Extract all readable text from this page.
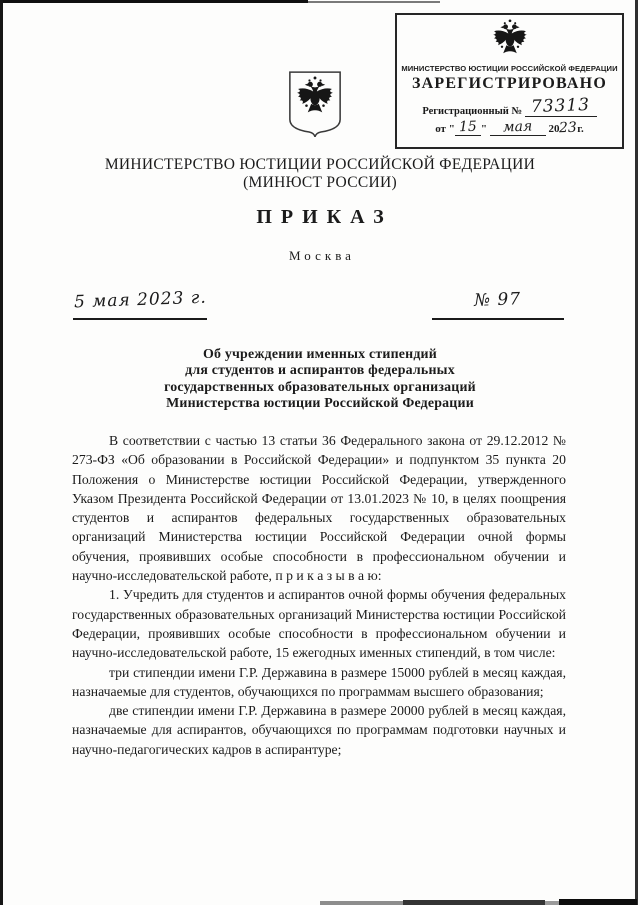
МИНИСТЕРСТВО ЮСТИЦИИ РОССИЙСКОЙ ФЕДЕРАЦИИ
ЗАРЕГИСТРИРОВАНО
Регистрационный № 73313
от " 15 " мая 2023г.
МИНИСТЕРСТВО ЮСТИЦИИ РОССИЙСКОЙ ФЕДЕРАЦИИ
(МИНЮСТ РОССИИ)
ПРИКАЗ
Москва
5 мая 2023 г.	№ 97
Об учреждении именных стипендий
для студентов и аспирантов федеральных
государственных образовательных организаций
Министерства юстиции Российской Федерации

В соответствии с частью 13 статьи 36 Федерального закона от 29.12.2012 № 273-ФЗ «Об образовании в Российской Федерации» и подпунктом 35 пункта 20 Положения о Министерстве юстиции Российской Федерации, утвержденного Указом Президента Российской Федерации от 13.01.2023 № 10, в целях поощрения студентов и аспирантов федеральных государственных образовательных организаций Министерства юстиции Российской Федерации очной формы обучения, проявивших особые способности в профессиональном обучении и научно-исследовательской работе, п р и к а з ы в а ю:

1. Учредить для студентов и аспирантов очной формы обучения федеральных государственных образовательных организаций Министерства юстиции Российской Федерации, проявивших особые способности в профессиональном обучении и научно-исследовательской работе, 15 ежегодных именных стипендий, в том числе:

три стипендии имени Г.Р. Державина в размере 15000 рублей в месяц каждая, назначаемые для студентов, обучающихся по программам высшего образования;

две стипендии имени Г.Р. Державина в размере 20000 рублей в месяц каждая, назначаемые для аспирантов, обучающихся по программам подготовки научных и научно-педагогических кадров в аспирантуре;
